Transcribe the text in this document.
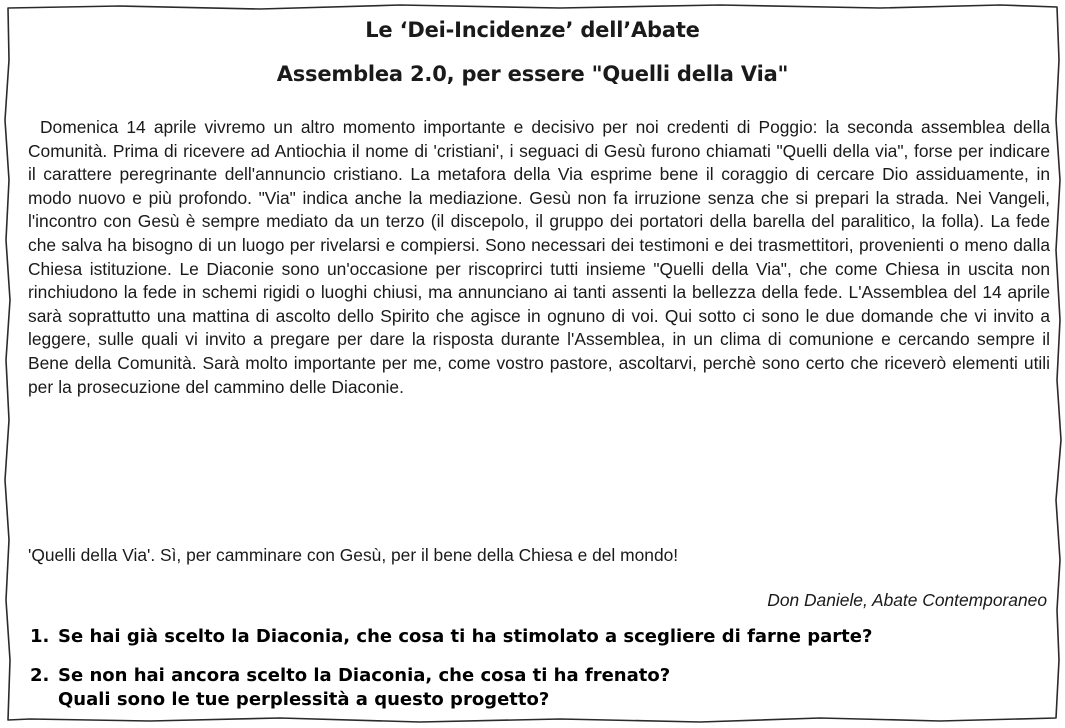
Le ‘Dei-Incidenze’ dell’Abate
Assemblea 2.0, per essere "Quelli della Via"
Domenica 14 aprile vivremo un altro momento importante e decisivo per noi credenti di Poggio: la seconda assemblea della Comunità. Prima di ricevere ad Antiochia il nome di 'cristiani', i seguaci di Gesù furono chiamati "Quelli della via", forse per indicare il carattere peregrinante dell'annuncio cristiano. La metafora della Via esprime bene il coraggio di cercare Dio assiduamente, in modo nuovo e più profondo. "Via" indica anche la mediazione. Gesù non fa irruzione senza che si prepari la strada. Nei Vangeli, l'incontro con Gesù è sempre mediato da un terzo (il discepolo, il gruppo dei portatori della barella del paralitico, la folla). La fede che salva ha bisogno di un luogo per rivelarsi e compiersi. Sono necessari dei testimoni e dei trasmettitori, provenienti o meno dalla Chiesa istituzione. Le Diaconie sono un'occasione per riscoprirci tutti insieme "Quelli della Via", che come Chiesa in uscita non rinchiudono la fede in schemi rigidi o luoghi chiusi, ma annunciano ai tanti assenti la bellezza della fede. L'Assemblea del 14 aprile sarà soprattutto una mattina di ascolto dello Spirito che agisce in ognuno di voi. Qui sotto ci sono le due domande che vi invito a leggere, sulle quali vi invito a pregare per dare la risposta durante l'Assemblea, in un clima di comunione e cercando sempre il Bene della Comunità. Sarà molto importante per me, come vostro pastore, ascoltarvi, perchè sono certo che riceverò elementi utili per la prosecuzione del cammino delle Diaconie.
'Quelli della Via'. Sì, per camminare con Gesù, per il bene della Chiesa e del mondo!
Don Daniele, Abate Contemporaneo
1. Se hai già scelto la Diaconia, che cosa ti ha stimolato a scegliere di farne parte?
2. Se non hai ancora scelto la Diaconia, che cosa ti ha frenato?
Quali sono le tue perplessità a questo progetto?
